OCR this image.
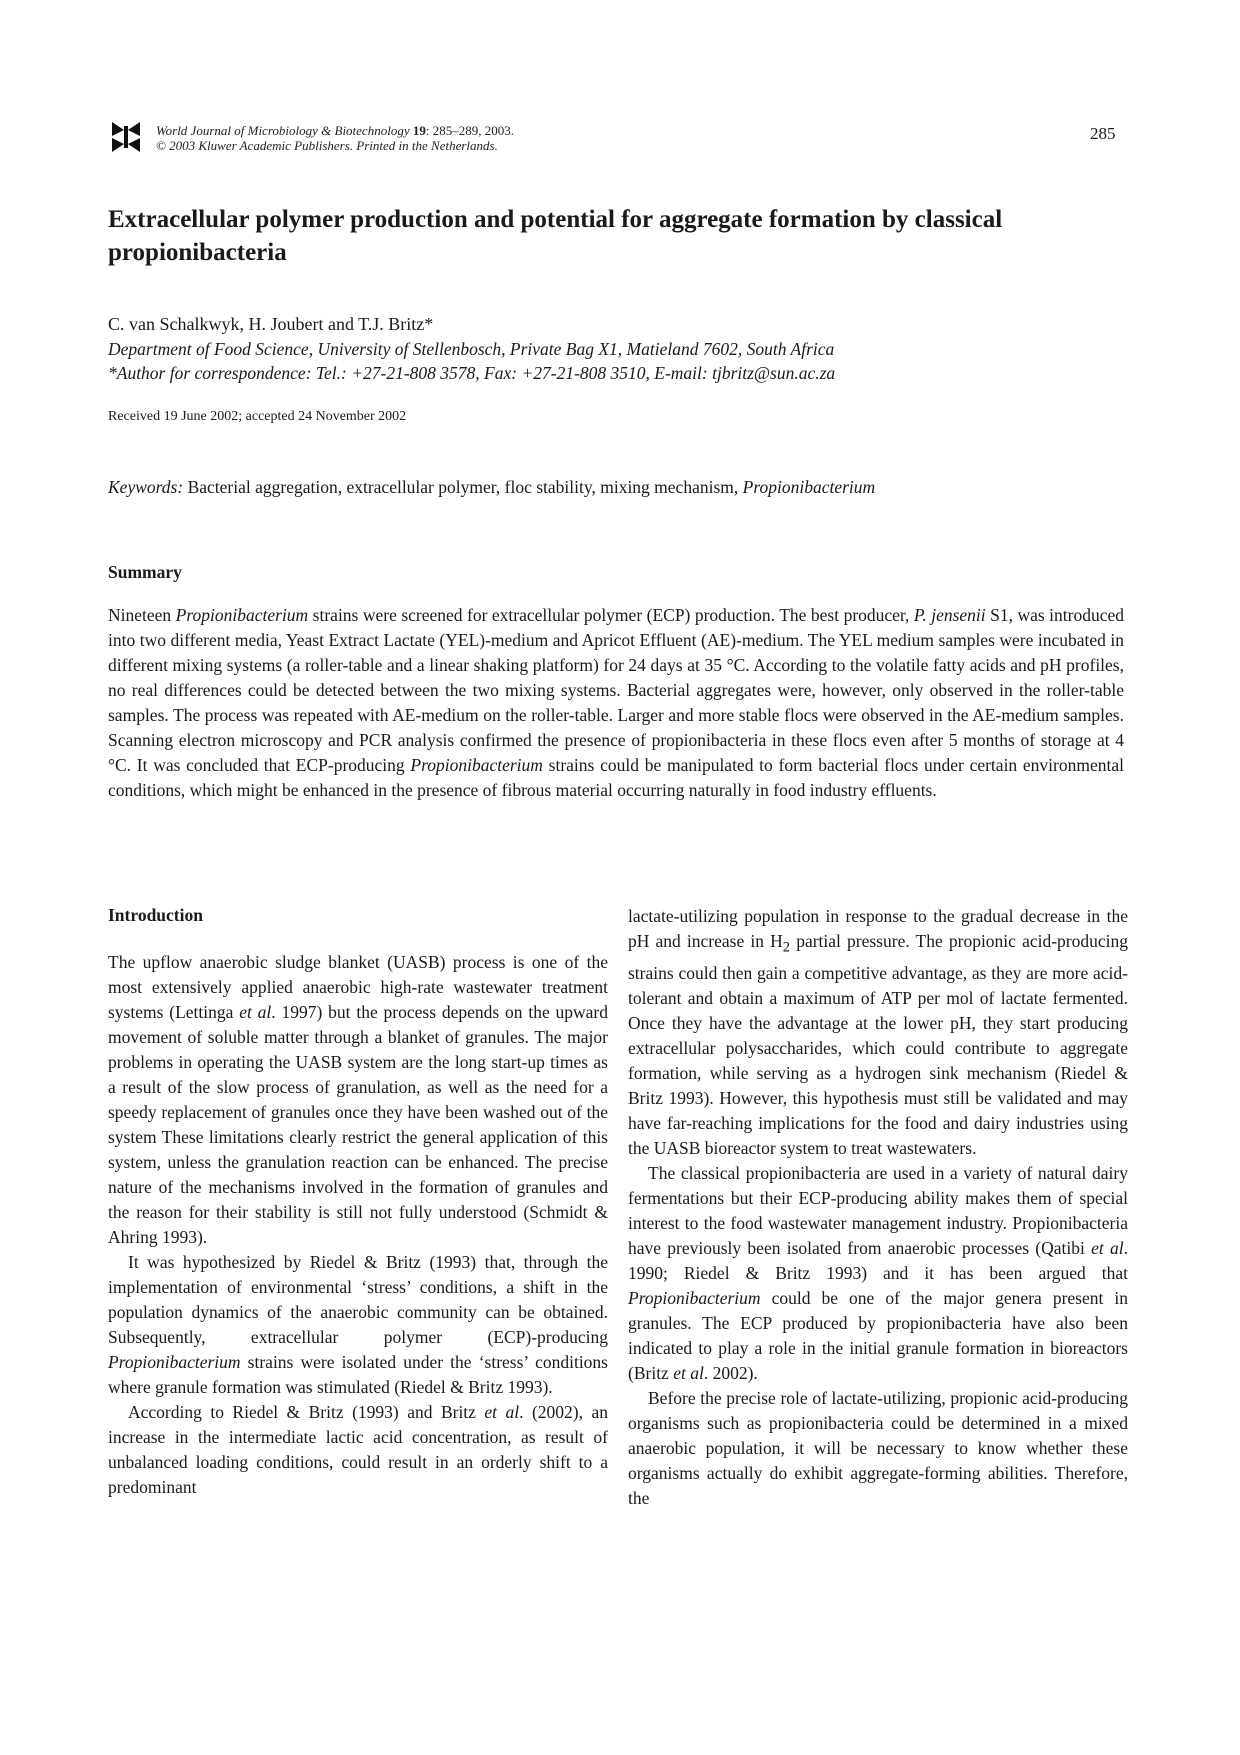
World Journal of Microbiology & Biotechnology 19: 285–289, 2003.
© 2003 Kluwer Academic Publishers. Printed in the Netherlands.
285
Extracellular polymer production and potential for aggregate formation by classical propionibacteria
C. van Schalkwyk, H. Joubert and T.J. Britz*
Department of Food Science, University of Stellenbosch, Private Bag X1, Matieland 7602, South Africa
*Author for correspondence: Tel.: +27-21-808 3578, Fax: +27-21-808 3510, E-mail: tjbritz@sun.ac.za
Received 19 June 2002; accepted 24 November 2002
Keywords: Bacterial aggregation, extracellular polymer, floc stability, mixing mechanism, Propionibacterium
Summary
Nineteen Propionibacterium strains were screened for extracellular polymer (ECP) production. The best producer, P. jensenii S1, was introduced into two different media, Yeast Extract Lactate (YEL)-medium and Apricot Effluent (AE)-medium. The YEL medium samples were incubated in different mixing systems (a roller-table and a linear shaking platform) for 24 days at 35 °C. According to the volatile fatty acids and pH profiles, no real differences could be detected between the two mixing systems. Bacterial aggregates were, however, only observed in the roller-table samples. The process was repeated with AE-medium on the roller-table. Larger and more stable flocs were observed in the AE-medium samples. Scanning electron microscopy and PCR analysis confirmed the presence of propionibacteria in these flocs even after 5 months of storage at 4 °C. It was concluded that ECP-producing Propionibacterium strains could be manipulated to form bacterial flocs under certain environmental conditions, which might be enhanced in the presence of fibrous material occurring naturally in food industry effluents.
Introduction

The upflow anaerobic sludge blanket (UASB) process is one of the most extensively applied anaerobic high-rate wastewater treatment systems (Lettinga et al. 1997) but the process depends on the upward movement of soluble matter through a blanket of granules. The major problems in operating the UASB system are the long start-up times as a result of the slow process of granulation, as well as the need for a speedy replacement of granules once they have been washed out of the system These limitations clearly restrict the general application of this system, unless the granulation reaction can be enhanced. The precise nature of the mechanisms involved in the formation of granules and the reason for their stability is still not fully understood (Schmidt & Ahring 1993).

It was hypothesized by Riedel & Britz (1993) that, through the implementation of environmental ‘stress’ conditions, a shift in the population dynamics of the anaerobic community can be obtained. Subsequently, extracellular polymer (ECP)-producing Propionibacterium strains were isolated under the ‘stress’ conditions where granule formation was stimulated (Riedel & Britz 1993).

According to Riedel & Britz (1993) and Britz et al. (2002), an increase in the intermediate lactic acid concentration, as result of unbalanced loading conditions, could result in an orderly shift to a predominant

lactate-utilizing population in response to the gradual decrease in the pH and increase in $H_2$ partial pressure. The propionic acid-producing strains could then gain a competitive advantage, as they are more acid-tolerant and obtain a maximum of ATP per mol of lactate fermented. Once they have the advantage at the lower pH, they start producing extracellular polysaccharides, which could contribute to aggregate formation, while serving as a hydrogen sink mechanism (Riedel & Britz 1993). However, this hypothesis must still be validated and may have far-reaching implications for the food and dairy industries using the UASB bioreactor system to treat wastewaters.

The classical propionibacteria are used in a variety of natural dairy fermentations but their ECP-producing ability makes them of special interest to the food wastewater management industry. Propionibacteria have previously been isolated from anaerobic processes (Qatibi et al. 1990; Riedel & Britz 1993) and it has been argued that Propionibacterium could be one of the major genera present in granules. The ECP produced by propionibacteria have also been indicated to play a role in the initial granule formation in bioreactors (Britz et al. 2002).

Before the precise role of lactate-utilizing, propionic acid-producing organisms such as propionibacteria could be determined in a mixed anaerobic population, it will be necessary to know whether these organisms actually do exhibit aggregate-forming abilities. Therefore, the
